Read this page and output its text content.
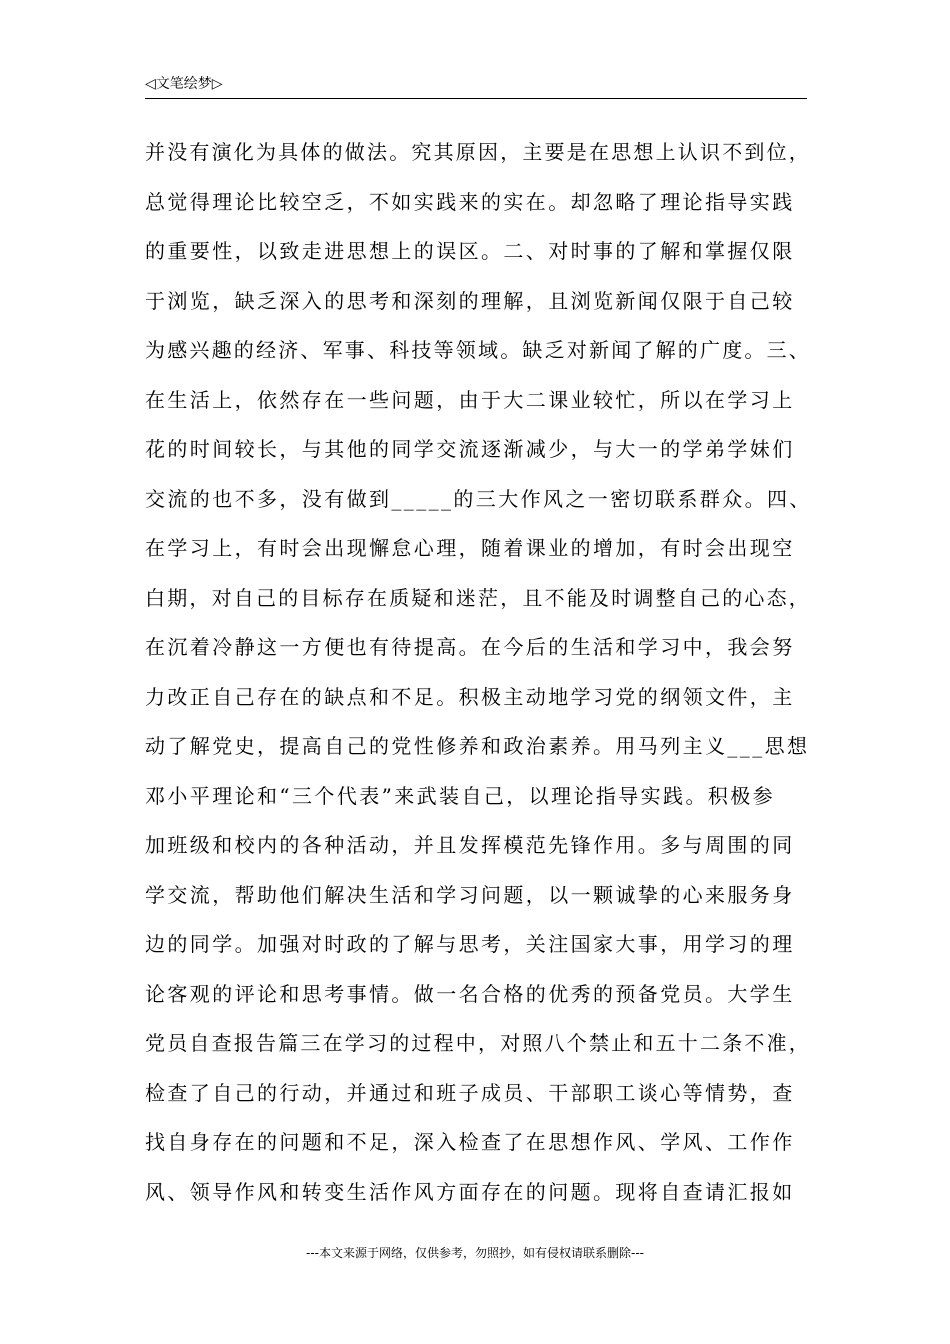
◁文笔绘梦▷
并没有演化为具体的做法。究其原因，主要是在思想上认识不到位，
总觉得理论比较空乏，不如实践来的实在。却忽略了理论指导实践
的重要性，以致走进思想上的误区。二、对时事的了解和掌握仅限
于浏览，缺乏深入的思考和深刻的理解，且浏览新闻仅限于自己较
为感兴趣的经济、军事、科技等领域。缺乏对新闻了解的广度。三、
在生活上，依然存在一些问题，由于大二课业较忙，所以在学习上
花的时间较长，与其他的同学交流逐渐减少，与大一的学弟学妹们
交流的也不多，没有做到_____的三大作风之一密切联系群众。四、
在学习上，有时会出现懈怠心理，随着课业的增加，有时会出现空
白期，对自己的目标存在质疑和迷茫，且不能及时调整自己的心态，
在沉着冷静这一方便也有待提高。在今后的生活和学习中，我会努
力改正自己存在的缺点和不足。积极主动地学习党的纲领文件，主
动了解党史，提高自己的党性修养和政治素养。用马列主义___思想
邓小平理论和“三个代表”来武装自己，以理论指导实践。积极参
加班级和校内的各种活动，并且发挥模范先锋作用。多与周围的同
学交流，帮助他们解决生活和学习问题，以一颗诚挚的心来服务身
边的同学。加强对时政的了解与思考，关注国家大事，用学习的理
论客观的评论和思考事情。做一名合格的优秀的预备党员。大学生
党员自查报告篇三在学习的过程中，对照八个禁止和五十二条不准，
检查了自己的行动，并通过和班子成员、干部职工谈心等情势，查
找自身存在的问题和不足，深入检查了在思想作风、学风、工作作
风、领导作风和转变生活作风方面存在的问题。现将自查请汇报如
---本文来源于网络，仅供参考，勿照抄，如有侵权请联系删除---
